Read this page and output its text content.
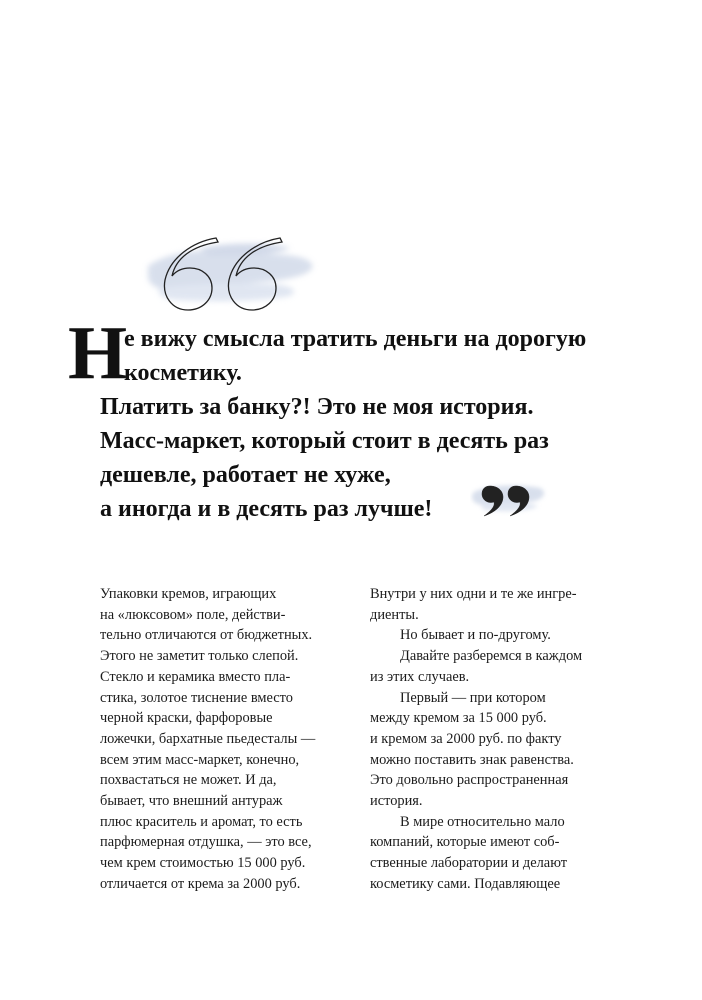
Н

е вижу смысла тратить деньги на дорогую
косметику.
Платить за банку?! Это не моя история.
Масс-маркет, который стоит в десять раз
дешевле, работает не хуже,
а иногда и в десять раз лучше!

Упаковки кремов, играющих
на «люксовом» поле, действи-
тельно отличаются от бюджетных.
Этого не заметит только слепой.
Стекло и керамика вместо пла-
стика, золотое тиснение вместо
черной краски, фарфоровые
ложечки, бархатные пьедесталы —
всем этим масс-маркет, конечно,
похвастаться не может. И да,
бывает, что внешний антураж
плюс краситель и аромат, то есть
парфюмерная отдушка, — это все,
чем крем стоимостью 15 000 руб.
отличается от крема за 2000 руб.
Внутри у них одни и те же ингре-
диенты.
Но бывает и по-другому.
Давайте разберемся в каждом
из этих случаев.
Первый — при котором
между кремом за 15 000 руб.
и кремом за 2000 руб. по факту
можно поставить знак равенства.
Это довольно распространенная
история.
В мире относительно мало
компаний, которые имеют соб-
ственные лаборатории и делают
косметику сами. Подавляющее
